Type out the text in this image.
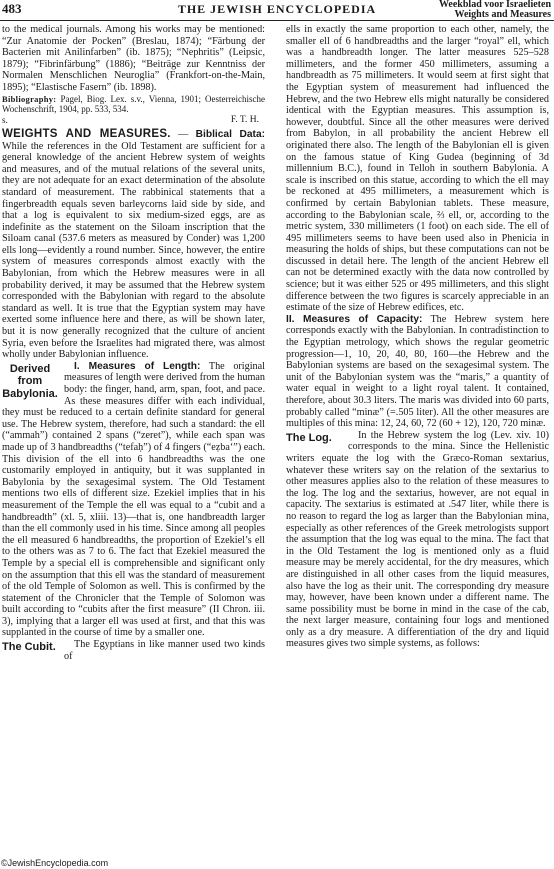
483	THE JEWISH ENCYCLOPEDIA	Weekblad voor Israelieten
Weights and Measures

to the medical journals. Among his works may be mentioned: “Zur Anatomie der Pocken” (Breslau, 1874); “Färbung der Bacterien mit Anilinfarben” (ib. 1875); “Nephritis” (Leipsic, 1879); “Fibrinfärbung” (1886); “Beiträge zur Kenntniss der Normalen Menschlichen Neuroglia” (Frankfort-on-the-Main, 1895); “Elastische Fasern” (ib. 1898).

Bibliography: Pagel, Biog. Lex. s.v., Vienna, 1901; Oesterreichische Wochenschrift, 1904, pp. 533, 534.
s.	F. T. H.

WEIGHTS AND MEASURES. — Biblical Data: While the references in the Old Testament are sufficient for a general knowledge of the ancient Hebrew system of weights and measures, and of the mutual relations of the several units, they are not adequate for an exact determination of the absolute standard of measurement. The rabbinical statements that a fingerbreadth equals seven barleycorns laid side by side, and that a log is equivalent to six medium-sized eggs, are as indefinite as the statement on the Siloam inscription that the Siloam canal (537.6 meters as measured by Conder) was 1,200 ells long—evidently a round number. Since, however, the entire system of measures corresponds almost exactly with the Babylonian, from which the Hebrew measures were in all probability derived, it may be assumed that the Hebrew system corresponded with the Babylonian with regard to the absolute standard as well. It is true that the Egyptian system may have exerted some influence here and there, as will be shown later, but it is now generally recognized that the culture of ancient Syria, even before the Israelites had migrated there, was almost wholly under Babylonian influence.

Derived from Babylonia.
I. Measures of Length: The original measures of length were derived from the human body: the finger, hand, arm, span, foot, and pace. As these measures differ with each individual, they must be reduced to a certain definite standard for general use. The Hebrew system, therefore, had such a standard: the ell (“ammah”) contained 2 spans (“zeret”), while each span was made up of 3 handbreadths (“tefaḥ”) of 4 fingers (“eẓba‘”) each. This division of the ell into 6 handbreadths was the one customarily employed in antiquity, but it was supplanted in Babylonia by the sexagesimal system. The Old Testament mentions two ells of different size. Ezekiel implies that in his measurement of the Temple the ell was equal to a “cubit and a handbreadth” (xl. 5, xliii. 13)—that is, one handbreadth larger than the ell commonly used in his time. Since among all peoples the ell measured 6 handbreadths, the proportion of Ezekiel’s ell to the others was as 7 to 6. The fact that Ezekiel measured the Temple by a special ell is comprehensible and significant only on the assumption that this ell was the standard of measurement of the old Temple of Solomon as well. This is confirmed by the statement of the Chronicler that the Temple of Solomon was built according to “cubits after the first measure” (II Chron. iii. 3), implying that a larger ell was used at first, and that this was supplanted in the course of time by a smaller one.

The Cubit. The Egyptians in like manner used two kinds of

ells in exactly the same proportion to each other, namely, the smaller ell of 6 handbreadths and the larger “royal” ell, which was a handbreadth longer. The latter measures 525–528 millimeters, and the former 450 millimeters, assuming a handbreadth as 75 millimeters. It would seem at first sight that the Egyptian system of measurement had influenced the Hebrew, and the two Hebrew ells might naturally be considered identical with the Egyptian measures. This assumption is, however, doubtful. Since all the other measures were derived from Babylon, in all probability the ancient Hebrew ell originated there also. The length of the Babylonian ell is given on the famous statue of King Gudea (beginning of 3d millennium B.C.), found in Telloh in southern Babylonia. A scale is inscribed on this statue, according to which the ell may be reckoned at 495 millimeters, a measurement which is confirmed by certain Babylonian tablets. These measure, according to the Babylonian scale, ⅔ ell, or, according to the metric system, 330 millimeters (1 foot) on each side. The ell of 495 millimeters seems to have been used also in Phenicia in measuring the holds of ships, but these computations can not be discussed in detail here. The length of the ancient Hebrew ell can not be determined exactly with the data now controlled by science; but it was either 525 or 495 millimeters, and this slight difference between the two figures is scarcely appreciable in an estimate of the size of Hebrew edifices, etc.

II. Measures of Capacity: The Hebrew system here corresponds exactly with the Babylonian. In contradistinction to the Egyptian metrology, which shows the regular geometric progression—1, 10, 20, 40, 80, 160—the Hebrew and the Babylonian systems are based on the sexagesimal system. The unit of the Babylonian system was the “maris,” a quantity of water equal in weight to a light royal talent. It contained, therefore, about 30.3 liters. The maris was divided into 60 parts, probably called “minæ” (=.505 liter). All the other measures are multiples of this mina: 12, 24, 60, 72 (60 + 12), 120, 720 minæ.

The Log.	In the Hebrew system the log (Lev. xiv. 10) corresponds to the mina. Since the Hellenistic writers equate the log with the Græco-Roman sextarius, whatever these writers say on the relation of the sextarius to other measures applies also to the relation of these measures to the log. The log and the sextarius, however, are not equal in capacity. The sextarius is estimated at .547 liter, while there is no reason to regard the log as larger than the Babylonian mina, especially as other references of the Greek metrologists support the assumption that the log was equal to the mina. The fact that in the Old Testament the log is mentioned only as a fluid measure may be merely accidental, for the dry measures, which are distinguished in all other cases from the liquid measures, also have the log as their unit. The corresponding dry measure may, however, have been known under a different name. The same possibility must be borne in mind in the case of the cab, the next larger measure, containing four logs and mentioned only as a dry measure. A differentiation of the dry and liquid measures gives two simple systems, as follows:

©JewishEncyclopedia.com
